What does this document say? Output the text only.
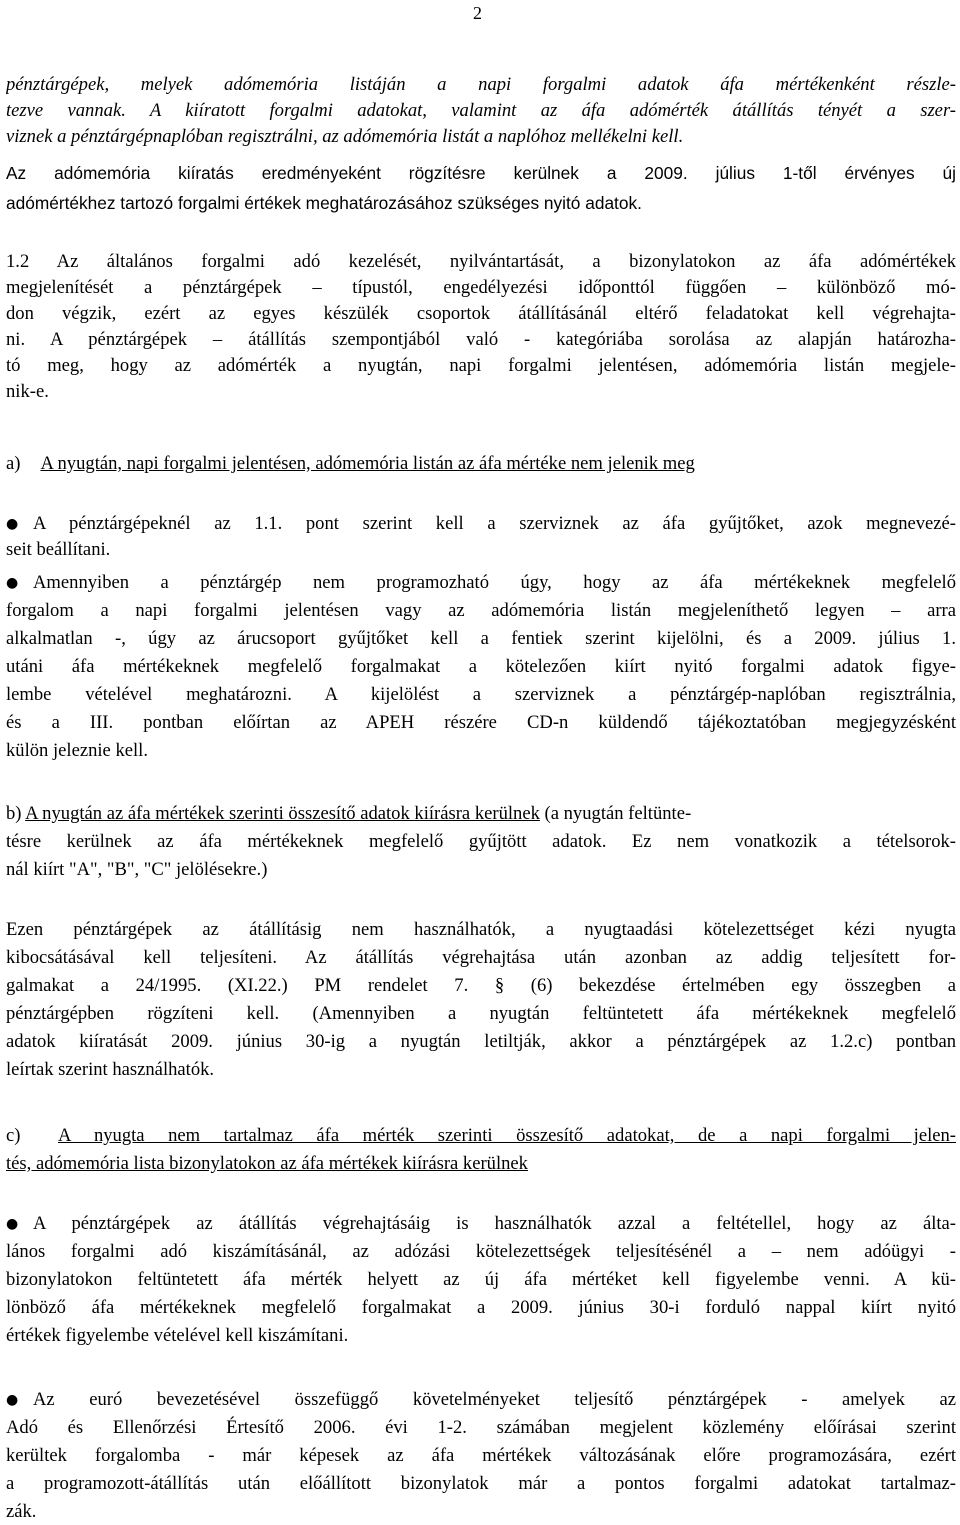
2
pénztárgépek, melyek adómemória listáján a napi forgalmi adatok áfa mértékenként részle-
tezve vannak. A kiíratott forgalmi adatokat, valamint az áfa adómérték átállítás tényét a szer-
viznek a pénztárgépnaplóban regisztrálni, az adómemória listát a naplóhoz mellékelni kell.
Az adómemória kiíratás eredményeként rögzítésre kerülnek a 2009. július 1-től érvényes új
adómértékhez tartozó forgalmi értékek meghatározásához szükséges nyitó adatok.
1.2 Az általános forgalmi adó kezelését, nyilvántartását, a bizonylatokon az áfa adómértékek
megjelenítését a pénztárgépek – típustól, engedélyezési időponttól függően – különböző mó-
don végzik, ezért az egyes készülék csoportok átállításánál eltérő feladatokat kell végrehajta-
ni. A pénztárgépek – átállítás szempontjából való - kategóriába sorolása az alapján határozha-
tó meg, hogy az adómérték a nyugtán, napi forgalmi jelentésen, adómemória listán megjele-
nik-e.
a) A nyugtán, napi forgalmi jelentésen, adómemória listán az áfa mértéke nem jelenik meg
● A pénztárgépeknél az 1.1. pont szerint kell a szerviznek az áfa gyűjtőket, azok megnevezé-
seit beállítani.
● Amennyiben a pénztárgép nem programozható úgy, hogy az áfa mértékeknek megfelelő
forgalom a napi forgalmi jelentésen vagy az adómemória listán megjeleníthető legyen – arra
alkalmatlan -, úgy az árucsoport gyűjtőket kell a fentiek szerint kijelölni, és a 2009. július 1.
utáni áfa mértékeknek megfelelő forgalmakat a kötelezően kiírt nyitó forgalmi adatok figye-
lembe vételével meghatározni. A kijelölést a szerviznek a pénztárgép-naplóban regisztrálnia,
és a III. pontban előírtan az APEH részére CD-n küldendő tájékoztatóban megjegyzésként
külön jeleznie kell.
b) A nyugtán az áfa mértékek szerinti összesítő adatok kiírásra kerülnek (a nyugtán feltünte-
tésre kerülnek az áfa mértékeknek megfelelő gyűjtött adatok. Ez nem vonatkozik a tételsorok-
nál kiírt "A", "B", "C" jelölésekre.)
Ezen pénztárgépek az átállításig nem használhatók, a nyugtaadási kötelezettséget kézi nyugta
kibocsátásával kell teljesíteni. Az átállítás végrehajtása után azonban az addig teljesített for-
galmakat a 24/1995. (XI.22.) PM rendelet 7. § (6) bekezdése értelmében egy összegben a
pénztárgépben rögzíteni kell. (Amennyiben a nyugtán feltüntetett áfa mértékeknek megfelelő
adatok kiíratását 2009. június 30-ig a nyugtán letiltják, akkor a pénztárgépek az 1.2.c) pontban
leírtak szerint használhatók.
c) A nyugta nem tartalmaz áfa mérték szerinti összesítő adatokat, de a napi forgalmi jelen-
tés, adómemória lista bizonylatokon az áfa mértékek kiírásra kerülnek
● A pénztárgépek az átállítás végrehajtásáig is használhatók azzal a feltétellel, hogy az álta-
lános forgalmi adó kiszámításánál, az adózási kötelezettségek teljesítésénél a – nem adóügyi -
bizonylatokon feltüntetett áfa mérték helyett az új áfa mértéket kell figyelembe venni. A kü-
lönböző áfa mértékeknek megfelelő forgalmakat a 2009. június 30-i forduló nappal kiírt nyitó
értékek figyelembe vételével kell kiszámítani.
● Az euró bevezetésével összefüggő követelményeket teljesítő pénztárgépek - amelyek az
Adó és Ellenőrzési Értesítő 2006. évi 1-2. számában megjelent közlemény előírásai szerint
kerültek forgalomba - már képesek az áfa mértékek változásának előre programozására, ezért
a programozott-átállítás után előállított bizonylatok már a pontos forgalmi adatokat tartalmaz-
zák.
